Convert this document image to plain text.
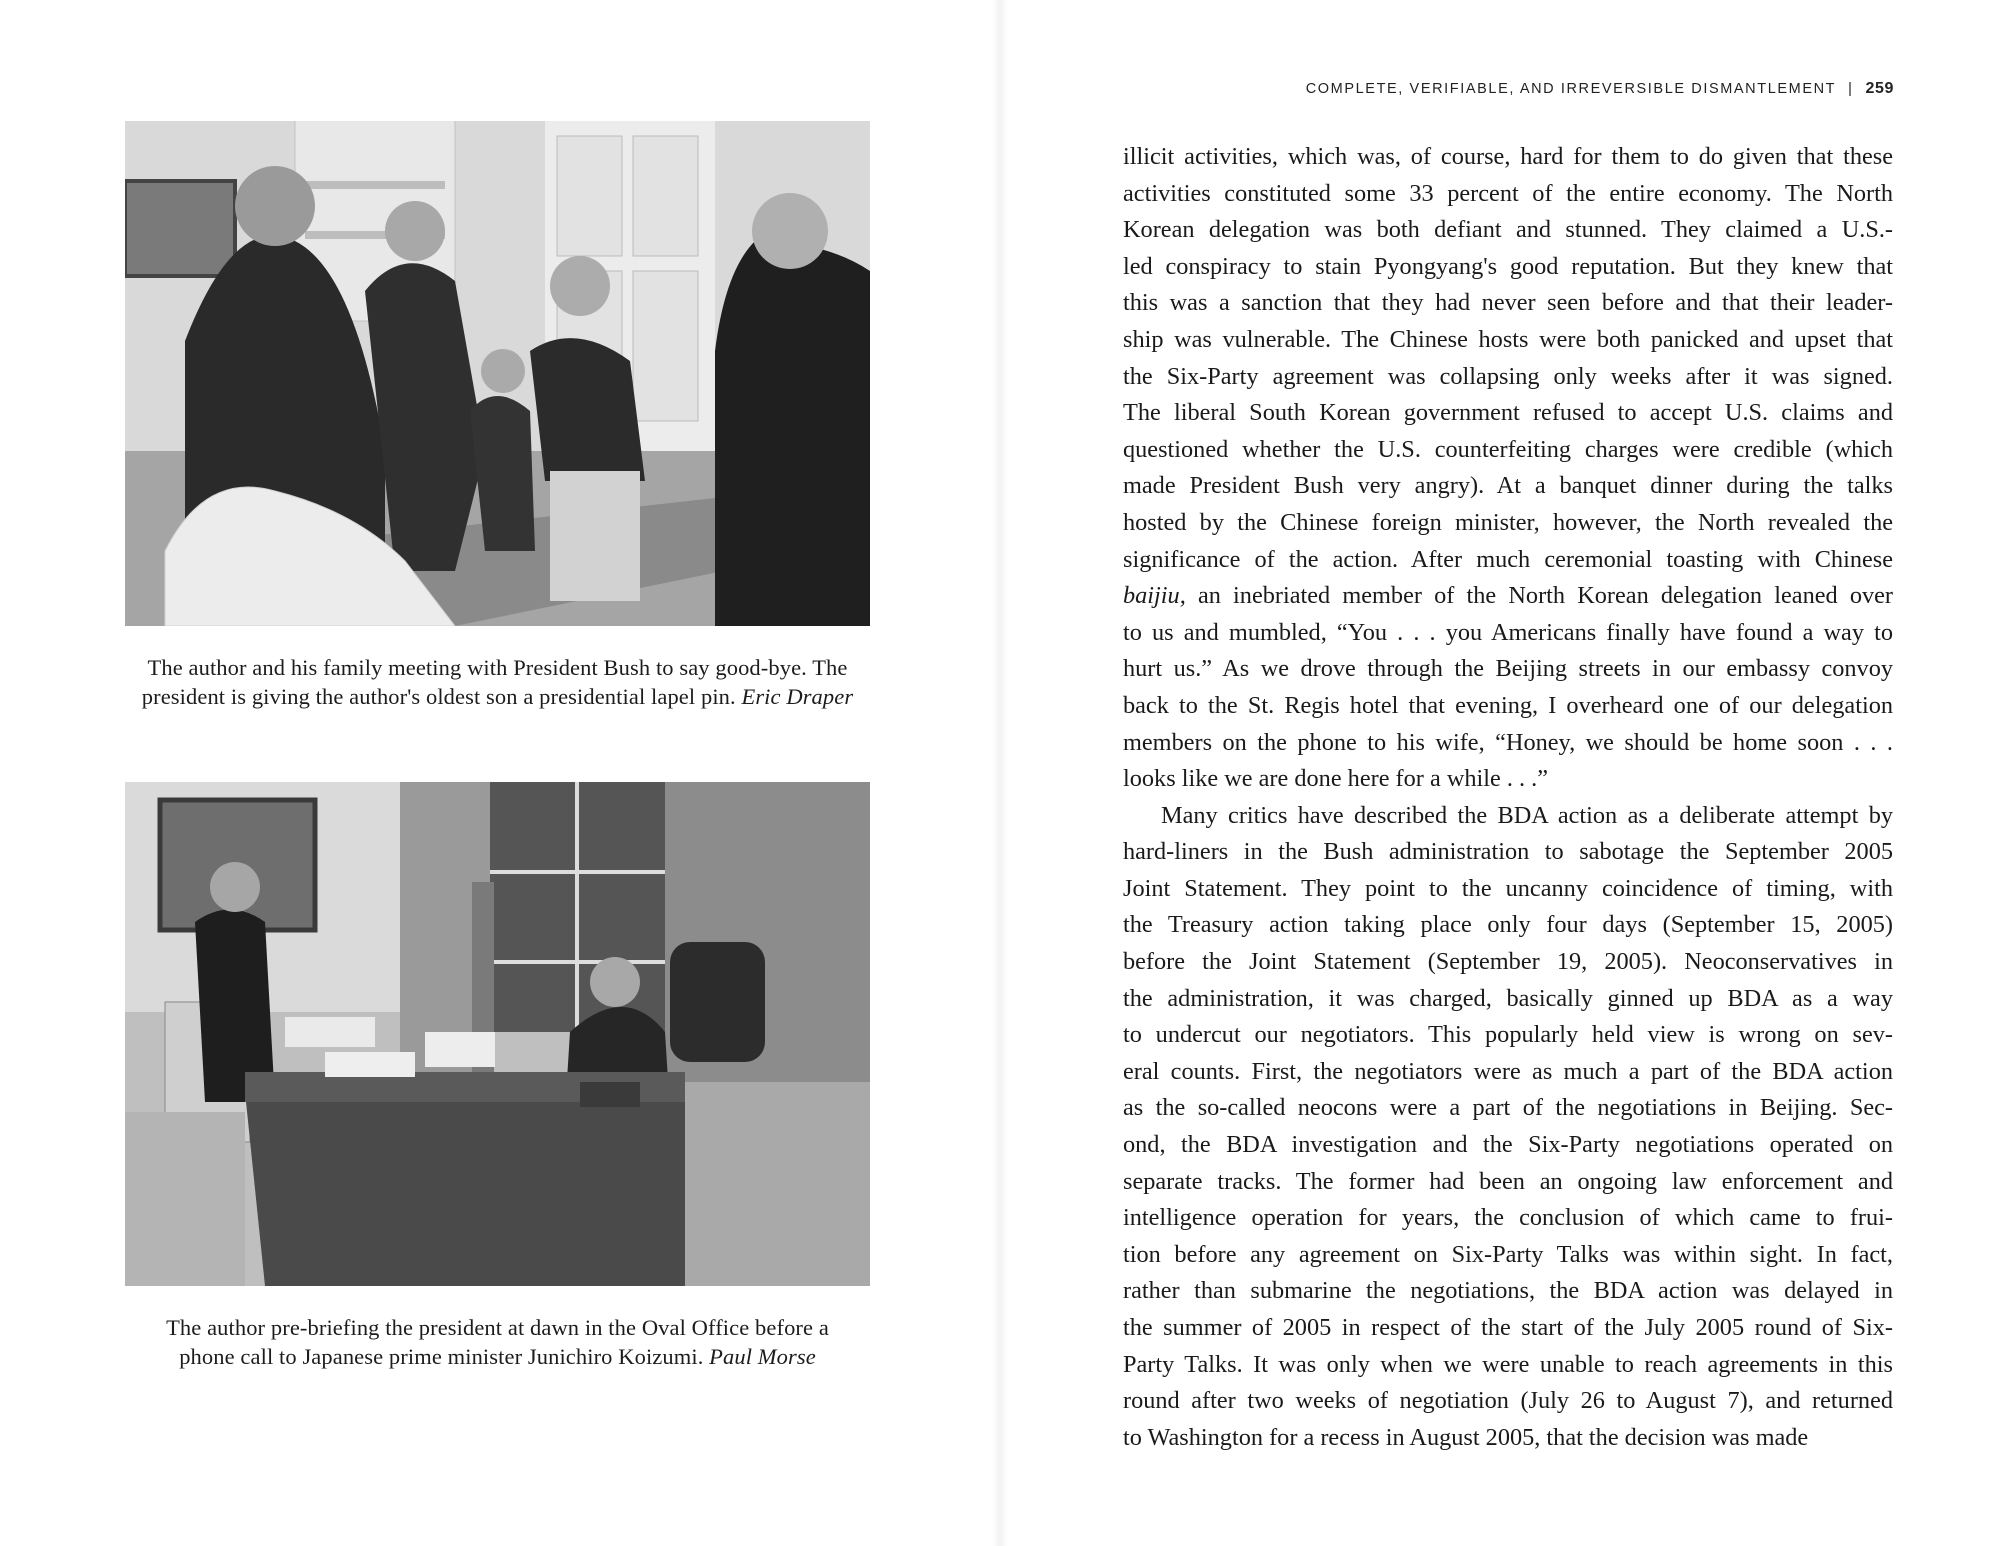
The author and his family meeting with President Bush to say good-bye. The
president is giving the author's oldest son a presidential lapel pin. Eric Draper
The author pre-briefing the president at dawn in the Oval Office before a
phone call to Japanese prime minister Junichiro Koizumi. Paul Morse
COMPLETE, VERIFIABLE, AND IRREVERSIBLE DISMANTLEMENT | 259
illicit activities, which was, of course, hard for them to do given that these
activities constituted some 33 percent of the entire economy. The North
Korean delegation was both defiant and stunned. They claimed a U.S.-
led conspiracy to stain Pyongyang's good reputation. But they knew that
this was a sanction that they had never seen before and that their leader-
ship was vulnerable. The Chinese hosts were both panicked and upset that
the Six-Party agreement was collapsing only weeks after it was signed.
The liberal South Korean government refused to accept U.S. claims and
questioned whether the U.S. counterfeiting charges were credible (which
made President Bush very angry). At a banquet dinner during the talks
hosted by the Chinese foreign minister, however, the North revealed the
significance of the action. After much ceremonial toasting with Chinese
baijiu, an inebriated member of the North Korean delegation leaned over
to us and mumbled, “You . . . you Americans finally have found a way to
hurt us.” As we drove through the Beijing streets in our embassy convoy
back to the St. Regis hotel that evening, I overheard one of our delegation
members on the phone to his wife, “Honey, we should be home soon . . .
looks like we are done here for a while . . .”
Many critics have described the BDA action as a deliberate attempt by
hard-liners in the Bush administration to sabotage the September 2005
Joint Statement. They point to the uncanny coincidence of timing, with
the Treasury action taking place only four days (September 15, 2005)
before the Joint Statement (September 19, 2005). Neoconservatives in
the administration, it was charged, basically ginned up BDA as a way
to undercut our negotiators. This popularly held view is wrong on sev-
eral counts. First, the negotiators were as much a part of the BDA action
as the so-called neocons were a part of the negotiations in Beijing. Sec-
ond, the BDA investigation and the Six-Party negotiations operated on
separate tracks. The former had been an ongoing law enforcement and
intelligence operation for years, the conclusion of which came to frui-
tion before any agreement on Six-Party Talks was within sight. In fact,
rather than submarine the negotiations, the BDA action was delayed in
the summer of 2005 in respect of the start of the July 2005 round of Six-
Party Talks. It was only when we were unable to reach agreements in this
round after two weeks of negotiation (July 26 to August 7), and returned
to Washington for a recess in August 2005, that the decision was made
